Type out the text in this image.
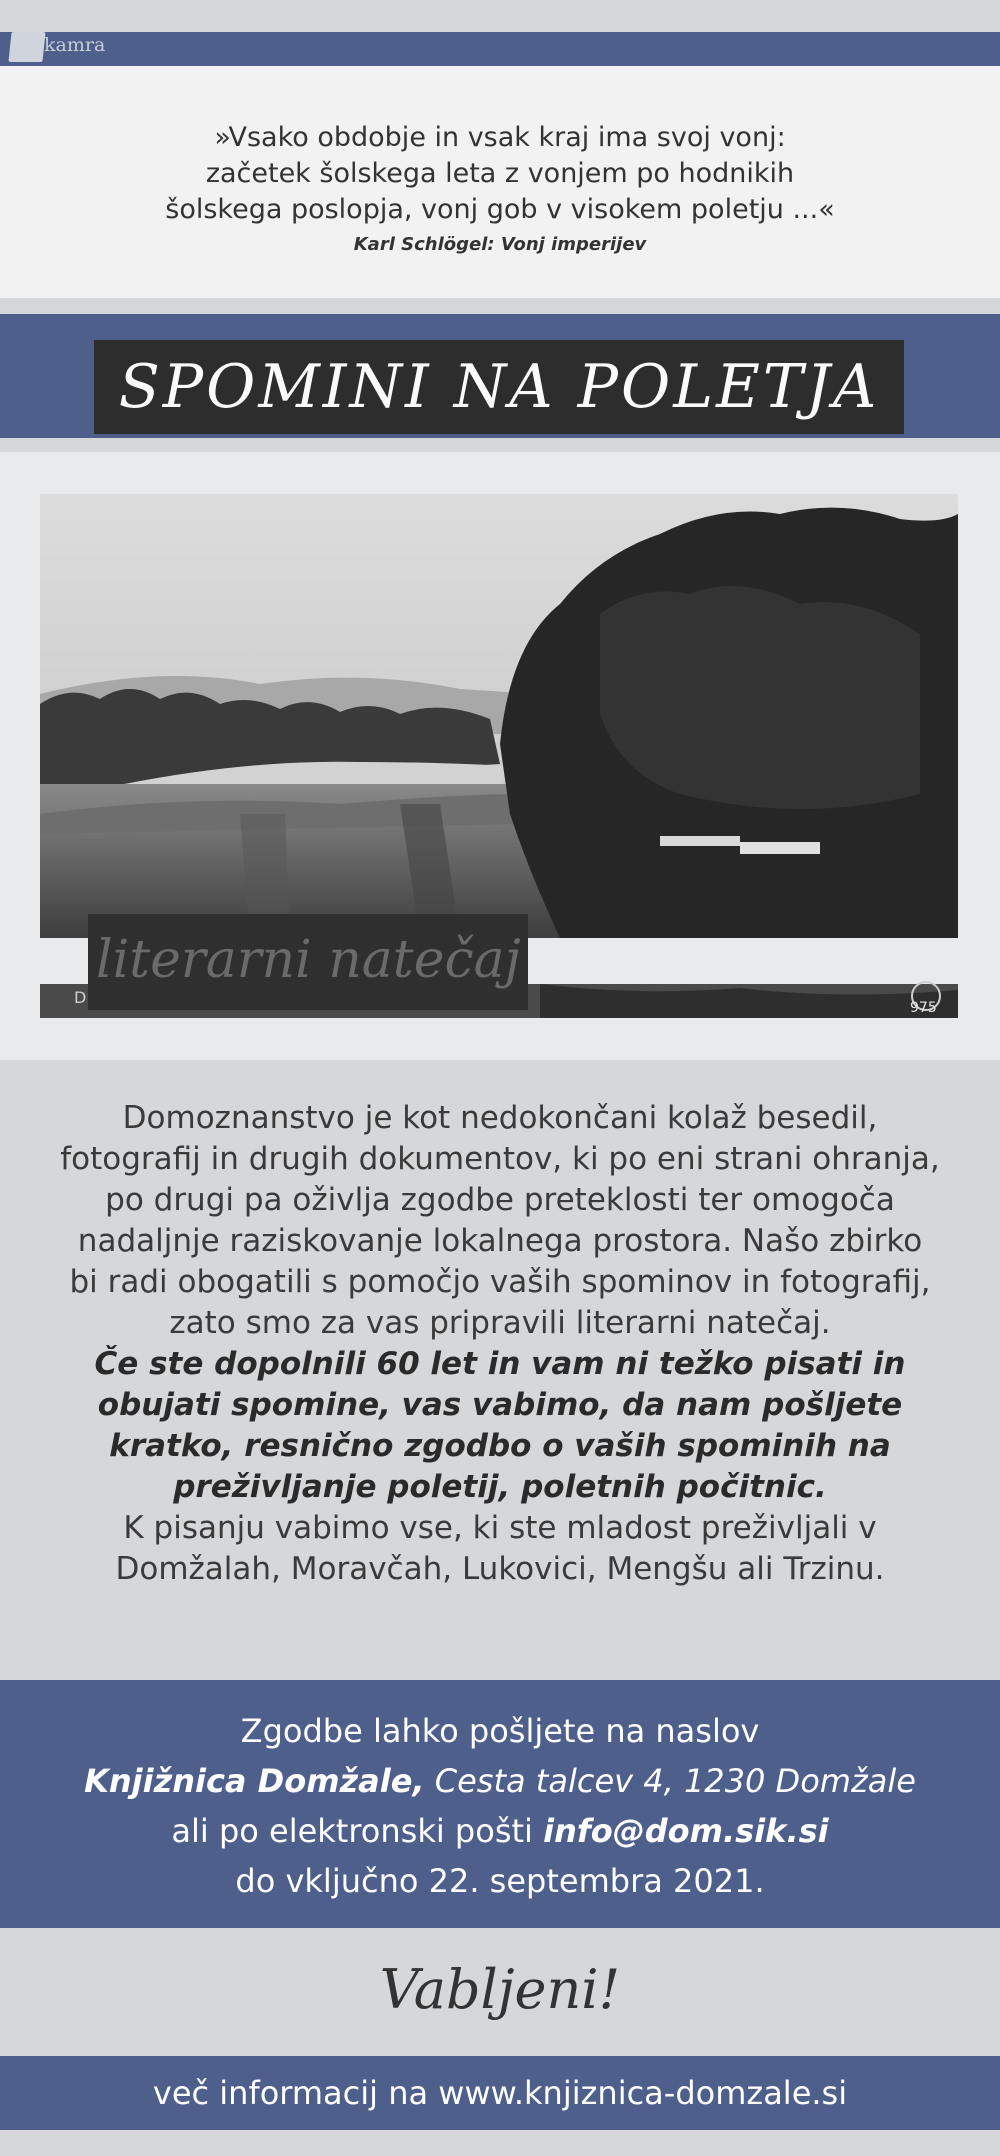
kamra
»Vsako obdobje in vsak kraj ima svoj vonj:
začetek šolskega leta z vonjem po hodnikih
šolskega poslopja, vonj gob v visokem poletju ...«
Karl Schlögel: Vonj imperijev
SPOMINI NA POLETJA
D
975
literarni natečaj

Domoznanstvo je kot nedokončani kolaž besedil, fotografij in drugih dokumentov, ki po eni strani ohranja, po drugi pa oživlja zgodbe preteklosti ter omogoča nadaljnje raziskovanje lokalnega prostora. Našo zbirko bi radi obogatili s pomočjo vaših spominov in fotografij, zato smo za vas pripravili literarni natečaj.

Če ste dopolnili 60 let in vam ni težko pisati in obujati spomine, vas vabimo, da nam pošljete kratko, resnično zgodbo o vaših spominih na preživljanje poletij, poletnih počitnic.

K pisanju vabimo vse, ki ste mladost preživljali v Domžalah, Moravčah, Lukovici, Mengšu ali Trzinu.

Zgodbe lahko pošljete na naslov
Knjižnica Domžale, Cesta talcev 4, 1230 Domžale
ali po elektronski pošti info@dom.sik.si
do vključno 22. septembra 2021.
Vabljeni!
več informacij na www.knjiznica-domzale.si
